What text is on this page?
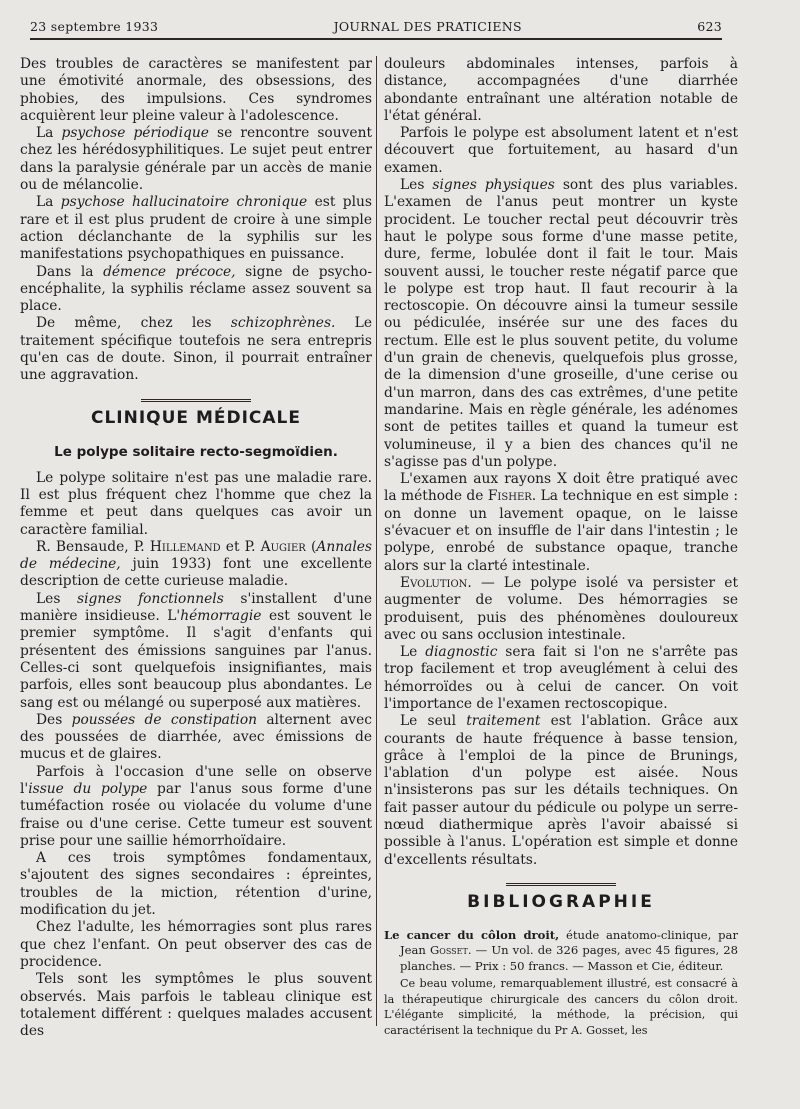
23 septembre 1933	JOURNAL DES PRATICIENS	623

Des troubles de caractères se manifestent par une émotivité anormale, des obsessions, des phobies, des impulsions. Ces syndromes acquièrent leur pleine valeur à l'adolescence.

La psychose périodique se rencontre souvent chez les hérédosyphilitiques. Le sujet peut entrer dans la paralysie générale par un accès de manie ou de mélancolie.

La psychose hallucinatoire chronique est plus rare et il est plus prudent de croire à une simple action déclanchante de la syphilis sur les manifestations psychopathiques en puissance.

Dans la démence précoce, signe de psycho-encéphalite, la syphilis réclame assez souvent sa place.

De même, chez les schizophrènes. Le traitement spécifique toutefois ne sera entrepris qu'en cas de doute. Sinon, il pourrait entraîner une aggravation.

CLINIQUE MÉDICALE
Le polype solitaire recto-segmoïdien.

Le polype solitaire n'est pas une maladie rare. Il est plus fréquent chez l'homme que chez la femme et peut dans quelques cas avoir un caractère familial.

R. Bensaude, P. Hillemand et P. Augier (Annales de médecine, juin 1933) font une excellente description de cette curieuse maladie.

Les signes fonctionnels s'installent d'une manière insidieuse. L'hémorragie est souvent le premier symptôme. Il s'agit d'enfants qui présentent des émissions sanguines par l'anus. Celles-ci sont quelquefois insignifiantes, mais parfois, elles sont beaucoup plus abondantes. Le sang est ou mélangé ou superposé aux matières.

Des poussées de constipation alternent avec des poussées de diarrhée, avec émissions de mucus et de glaires.

Parfois à l'occasion d'une selle on observe l'issue du polype par l'anus sous forme d'une tuméfaction rosée ou violacée du volume d'une fraise ou d'une cerise. Cette tumeur est souvent prise pour une saillie hémorrhoïdaire.

A ces trois symptômes fondamentaux, s'ajoutent des signes secondaires : épreintes, troubles de la miction, rétention d'urine, modification du jet.

Chez l'adulte, les hémorragies sont plus rares que chez l'enfant. On peut observer des cas de procidence.

Tels sont les symptômes le plus souvent observés. Mais parfois le tableau clinique est totalement différent : quelques malades accusent des

douleurs abdominales intenses, parfois à distance, accompagnées d'une diarrhée abondante entraînant une altération notable de l'état général.

Parfois le polype est absolument latent et n'est découvert que fortuitement, au hasard d'un examen.

Les signes physiques sont des plus variables. L'examen de l'anus peut montrer un kyste procident. Le toucher rectal peut découvrir très haut le polype sous forme d'une masse petite, dure, ferme, lobulée dont il fait le tour. Mais souvent aussi, le toucher reste négatif parce que le polype est trop haut. Il faut recourir à la rectoscopie. On découvre ainsi la tumeur sessile ou pédiculée, insérée sur une des faces du rectum. Elle est le plus souvent petite, du volume d'un grain de chenevis, quelquefois plus grosse, de la dimension d'une groseille, d'une cerise ou d'un marron, dans des cas extrêmes, d'une petite mandarine. Mais en règle générale, les adénomes sont de petites tailles et quand la tumeur est volumineuse, il y a bien des chances qu'il ne s'agisse pas d'un polype.

L'examen aux rayons X doit être pratiqué avec la méthode de Fisher. La technique en est simple : on donne un lavement opaque, on le laisse s'évacuer et on insuffle de l'air dans l'intestin ; le polype, enrobé de substance opaque, tranche alors sur la clarté intestinale.

Evolution. — Le polype isolé va persister et augmenter de volume. Des hémorragies se produisent, puis des phénomènes douloureux avec ou sans occlusion intestinale.

Le diagnostic sera fait si l'on ne s'arrête pas trop facilement et trop aveuglément à celui des hémorroïdes ou à celui de cancer. On voit l'importance de l'examen rectoscopique.

Le seul traitement est l'ablation. Grâce aux courants de haute fréquence à basse tension, grâce à l'emploi de la pince de Brunings, l'ablation d'un polype est aisée. Nous n'insisterons pas sur les détails techniques. On fait passer autour du pédicule ou polype un serre-nœud diathermique après l'avoir abaissé si possible à l'anus. L'opération est simple et donne d'excellents résultats.

BIBLIOGRAPHIE

Le cancer du côlon droit, étude anatomo-clinique, par Jean Gosset. — Un vol. de 326 pages, avec 45 figures, 28 planches. — Prix : 50 francs. — Masson et Cie, éditeur.

Ce beau volume, remarquablement illustré, est consacré à la thérapeutique chirurgicale des cancers du côlon droit. L'élégante simplicité, la méthode, la précision, qui caractérisent la technique du Pr A. Gosset, les
